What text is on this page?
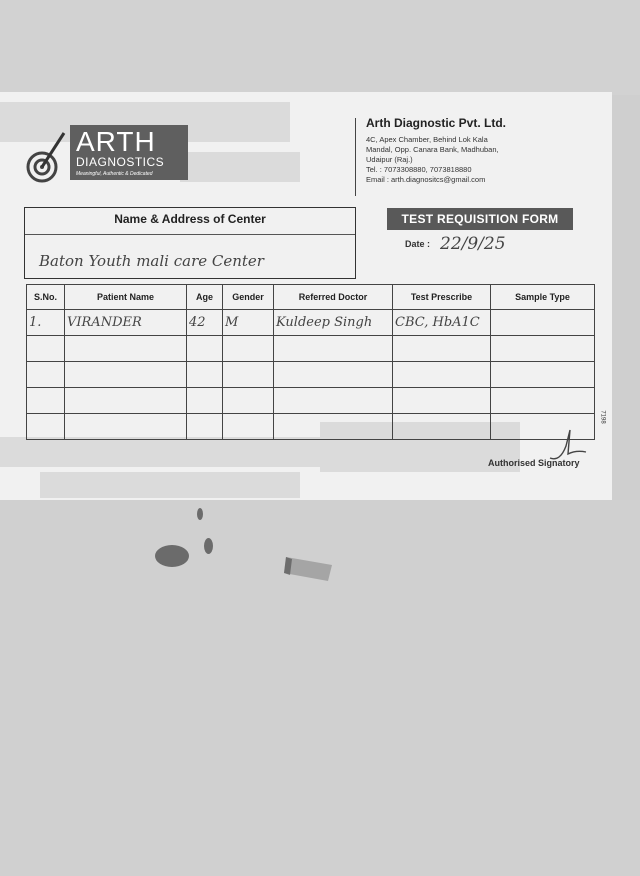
ARTH
DIAGNOSTICS
Meaningful, Authentic & Dedicated
Arth Diagnostic Pvt. Ltd.
4C, Apex Chamber, Behind Lok Kala
Mandal, Opp. Canara Bank, Madhuban,
Udaipur (Raj.)
Tel. : 7073308880, 7073818880
Email : arth.diagnositcs@gmail.com
Name & Address of Center
Baton Youth mali care Center
TEST REQUISITION FORM
Date : 22/9/25
S.No.	Patient Name	Age	Gender	Referred Doctor	Test Prescribe	Sample Type
1.	VIRANDER	42	M	Kuldeep Singh	CBC, HbA1C	

7198
Authorised Signatory
